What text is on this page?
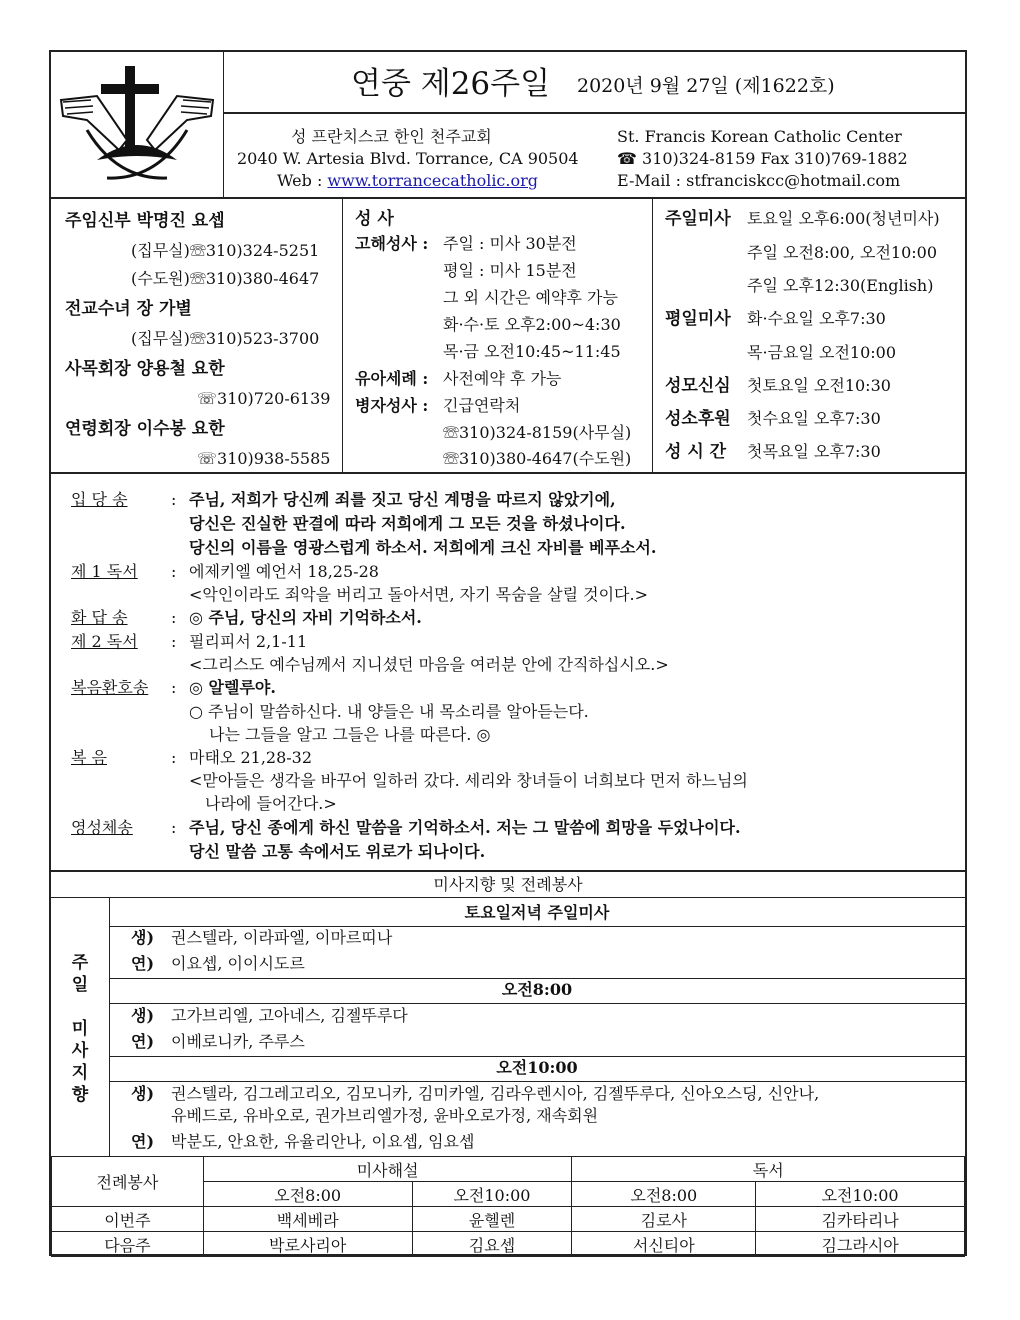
연중 제26주일 2020년 9월 27일 (제1622호)
성 프란치스코 한인 천주교회
2040 W. Artesia Blvd. Torrance, CA 90504
Web : www.torrancecatholic.org
St. Francis Korean Catholic Center
☎ 310)324-8159 Fax 310)769-1882
E-Mail : stfranciskcc@hotmail.com
주임신부 박명진 요셉
(집무실)☏310)324-5251
(수도원)☏310)380-4647
전교수녀 장 가별
(집무실)☏310)523-3700
사목회장 양용철 요한
☏310)720-6139
연령회장 이수봉 요한
☏310)938-5585
성 사
고해성사 : 주일 : 미사 30분전
평일 : 미사 15분전
그 외 시간은 예약후 가능
화·수·토 오후2:00~4:30
목·금 오전10:45~11:45
유아세례 : 사전예약 후 가능
병자성사 : 긴급연락처
☏310)324-8159(사무실)
☏310)380-4647(수도원)
주일미사 토요일 오후6:00(청년미사)
주일 오전8:00, 오전10:00
주일 오후12:30(English)
평일미사 화·수요일 오후7:30
목·금요일 오전10:00
성모신심 첫토요일 오전10:30
성소후원 첫수요일 오후7:30
성 시 간 첫목요일 오후7:30
입 당 송	: 주님, 저희가 당신께 죄를 짓고 당신 계명을 따르지 않았기에,
당신은 진실한 판결에 따라 저희에게 그 모든 것을 하셨나이다.
당신의 이름을 영광스럽게 하소서. 저희에게 크신 자비를 베푸소서.
제 1 독서 : 에제키엘 예언서 18,25-28
<악인이라도 죄악을 버리고 돌아서면, 자기 목숨을 살릴 것이다.>
화 답 송	: ◎ 주님, 당신의 자비 기억하소서.
제 2 독서 : 필리피서 2,1-11
<그리스도 예수님께서 지니셨던 마음을 여러분 안에 간직하십시오.>
복음환호송 : ◎ 알렐루야.
○ 주님이 말씀하신다. 내 양들은 내 목소리를 알아듣는다.
나는 그들을 알고 그들은 나를 따른다. ◎
복 음	: 마태오 21,28-32
<맏아들은 생각을 바꾸어 일하러 갔다. 세리와 창녀들이 너희보다 먼저 하느님의
나라에 들어간다.>
영성체송 : 주님, 당신 종에게 하신 말씀을 기억하소서. 저는 그 말씀에 희망을 두었나이다.
당신 말씀 고통 속에서도 위로가 되나이다.
미사지향 및 전례봉사
주
일
미
사
지
향
토요일저녁 주일미사
생) 권스텔라, 이라파엘, 이마르띠나
연) 이요셉, 이이시도르
오전8:00
생) 고가브리엘, 고아네스, 김젤뚜루다
연) 이베로니카, 주루스
오전10:00
생) 권스텔라, 김그레고리오, 김모니카, 김미카엘, 김라우렌시아, 김젤뚜루다, 신아오스딩, 신안나,
유베드로, 유바오로, 권가브리엘가정, 윤바오로가정, 재속회원
연) 박분도, 안요한, 유율리안나, 이요셉, 임요셉
전례봉사	미사해설		독서	
	오전8:00	오전10:00	오전8:00	오전10:00
이번주	백세베라	윤헬렌	김로사	김카타리나
다음주	박로사리아	김요셉	서신티아	김그라시아
